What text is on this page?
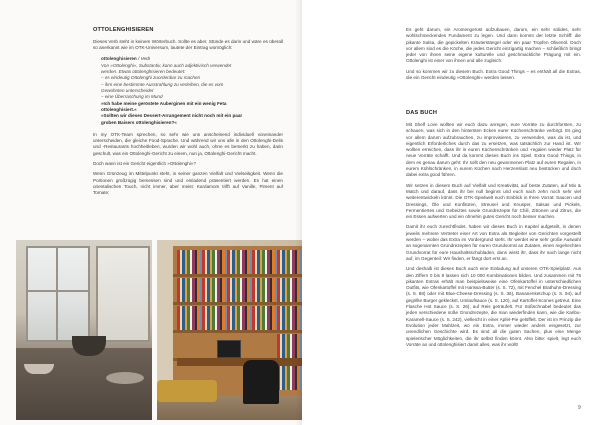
OTTOLENGHISIEREN

Dieses Verb steht in keinem Wörterbuch. Sollte es aber. Stünde es darin und wäre es überall so anerkannt wie im OTK-Universum, lautete der Eintrag womöglich:

ottolenghisieren / Verb
Von »Ottolenghi«, Substantiv, kann auch adjektivisch verwendet
werden. Etwas ottolenghisieren bedeutet:
– es eindeutig Ottolenghi zuordenbar zu machen
– ihm eine bestimmte Ausstrahlung zu verleihen, die es vom
Gewohnten unterscheidet
– eine Überraschung im Mund
»Ich habe meine geröstete Auberginen mit ein wenig Feta
ottolenghisiert.«
»Sollten wir dieses Dessert-Arrangement nicht noch mit ein paar
groben Baisers ottolenghisieren?«

In my OTK-Team sprechen, so sehr wie uns anscheinend individuell voneinander unterscheiden, die gleiche Food-Sprache. Und während wir uns alle in den Ottolenghi-Delis und -Restaurants hochheitleben, wurden wir wohl auch, ohne es bemerkt zu haben, darin geschult, was ein Ottolenghi-Gericht zu einem, nun ja, Ottolenghi-Gericht macht.

Doch wann ist ein Gericht eigentlich »Ottolenghi«?

Wenn Grünzeug im Mittelpunkt steht, in seiner ganzen Vielfalt und Vielseitigkeit. Wenn die Portionen großzügig bemessen sind und einladend präsentiert werden. Es hat einen orientalischen Touch, nicht immer, aber meist: Kardamom trifft auf Vanille, Piment auf Tomate;

Es geht darum, ein Aromengerüst aufzubauen, darum, ein sehr solides, sehr wohlschmeckendes Fundament zu legen. Und dann kommt der letzte Schliff: die pikante Salsa, die gepickelten Kräuterstängel oder ein paar Tropfen Olivenöl. Doch vor allem sind es die Köche, die jedes Gericht einzigartig machen – schließlich bringt jeder von ihnen seine eigene kulturelle und geschmackliche Prägung mit ein. Ottolenghi ist einer von ihnen und alle zugleich.

Und so kommen wir zu diesem Buch. Extra Good Things – es enthält all die Extras, die ein Gericht eindeutig »Ottolenghi« werden lassen.

DAS BUCH

Mit Shelf Love wollten wir euch dazu anregen, eure Vorräte zu durchforsten, zu schauen, was sich in den hintersten Ecken eurer Küchenschränke verbirgt. Es ging vor allem darum aufzubrauchen, zu improvisieren, zu verwenden, was da ist, und eigentlich Erforderliches durch das zu ersetzen, was tatsächlich zur Hand ist. Wir wollten erreichen, dass ihr in euren Küchenschränken und -regalen wieder Platz für neue Vorräte schafft. Und da kommt dieses Buch ins Spiel. Extra Good Things, in dem es genau darum geht: Ihr sollt den neu gewonnenen Platz auf euren Regalen, in eurem Kühlschränken, in eurem Küchen nach Herzenslust neu bestücken und doch dabei extra good führen.

Wir setzen in diesem Buch auf Vielfalt und Kreativität, auf beste Zutaten, auf Mix & Match und darauf, dass ihr bei null beginnt und euch nach zehn noch sehr viel weiterentwickeln könnt. Die OTK-Spielwelt euch Einblick in Ihren Vorrat: Saucen und Dressings, Öle und Konfitüren, Streusel und Knusper, Salsas und Pickels, Fermentiertes und Gebeiztes sowie Grundrezepte für Chili, Zitronen und Zitrus, die ein Essen aufwerten und ein ohnehin gutes Gericht noch besser machen.

Damit ihr euch zurechtfindet, haben wir dieses Buch in Kapitel aufgeteilt, in denen jeweils mehrere Vertreter einer Art von Extra als Begleiter von Gerichten vorgestellt werden – wobei das Extra im Vordergrund steht. Ihr werdet eine sehr große Auswahl an sogenannten Grundrezepten für euren Grundvorrat an Zutaten, einen regelrechten Grundvorrat für eure Haushaltsschubladen, dann wisst ihr, dass ihr nach lange nicht auf, im Gegenteil: Wir finden, er fängt dort erst an.

Und deshalb ist dieses Buch auch eine Einladung auf unseren OTK-Spielplatz. Aus den Ziffern 0 bis 9 lassen sich 10 000 Kombinationen bilden. Und zusammen mit 75 pikanten Extras erhält man beispielsweise eine Ofenkartoffel in unterschiedlichen Outfits, wie Ofenkartoffel mit Harissa-Butter (s. S. 72), mit Fenchel Brathuhn-Dressing (s. S. 88) oder mit Blue-Cheese-Dressing (s. S. 36), Bananenketchup (s. S. 94), auf gegrillte Burger gekleckst, Umlaufsauce (s. S. 120), auf Kartoffel-Scones getreut. Eine Flasche Hot Sauce (s. S. 26), auf Reis geträufelt. Für Süßschnabel bedeutet das jeden verschiedene süße Grundrezepte, die man wiederfinden kann, wie die Karibu-Karamell-Sauce (s. S. 242), vielleicht in einer Apfel-Pie gelöffelt. Der ist im Prinzip die Evolution jeder Mahlzeit, wo ein Extra, immer wieder anders eingesetzt, zur unendlichen Geschichte wird. Es sind all die guten Sachen, plus eine Menge spielerischer Möglichkeiten, die ihr selbst finden könnt. Also bitte: spielt, legt euch Vorräte an und ottolenghisiert damit alles, was ihr wollt!

9
